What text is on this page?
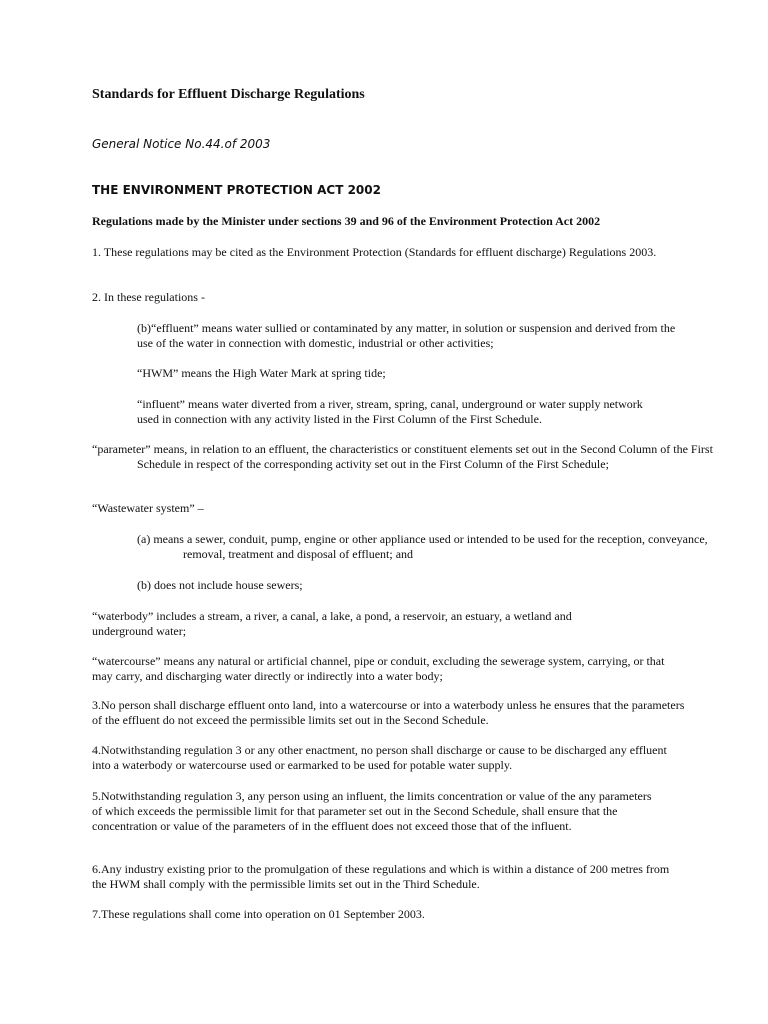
Standards for Effluent Discharge Regulations

General Notice No.44.of 2003

THE ENVIRONMENT PROTECTION ACT 2002

Regulations made by the Minister under sections 39 and 96 of the Environment Protection Act 2002

1. These regulations may be cited as the Environment Protection (Standards for effluent discharge) Regulations 2003.

2. In these regulations -

(b)“effluent” means water sullied or contaminated by any matter, in solution or suspension and derived from the use of the water in connection with domestic, industrial or other activities;

“HWM” means the High Water Mark at spring tide;

“influent” means water diverted from a river, stream, spring, canal, underground or water supply network used in connection with any activity listed in the First Column of the First Schedule.

“parameter” means, in relation to an effluent, the characteristics or constituent elements set out in the Second Column of the First Schedule in respect of the corresponding activity set out in the First Column of the First Schedule;

“Wastewater system” –

(a) means a sewer, conduit, pump, engine or other appliance used or intended to be used for the reception, conveyance, removal, treatment and disposal of effluent; and

(b) does not include house sewers;

“waterbody” includes a stream, a river, a canal, a lake, a pond, a reservoir, an estuary, a wetland and underground water;

“watercourse” means any natural or artificial channel, pipe or conduit, excluding the sewerage system, carrying, or that may carry, and discharging water directly or indirectly into a water body;

3.No person shall discharge effluent onto land, into a watercourse or into a waterbody unless he ensures that the parameters of the effluent do not exceed the permissible limits set out in the Second Schedule.

4.Notwithstanding regulation 3 or any other enactment, no person shall discharge or cause to be discharged any effluent into a waterbody or watercourse used or earmarked to be used for potable water supply.

5.Notwithstanding regulation 3, any person using an influent, the limits concentration or value of the any parameters of which exceeds the permissible limit for that parameter set out in the Second Schedule, shall ensure that the concentration or value of the parameters of in the effluent does not exceed those that of the influent.

6.Any industry existing prior to the promulgation of these regulations and which is within a distance of 200 metres from the HWM shall comply with the permissible limits set out in the Third Schedule.

7.These regulations shall come into operation on 01 September 2003.
